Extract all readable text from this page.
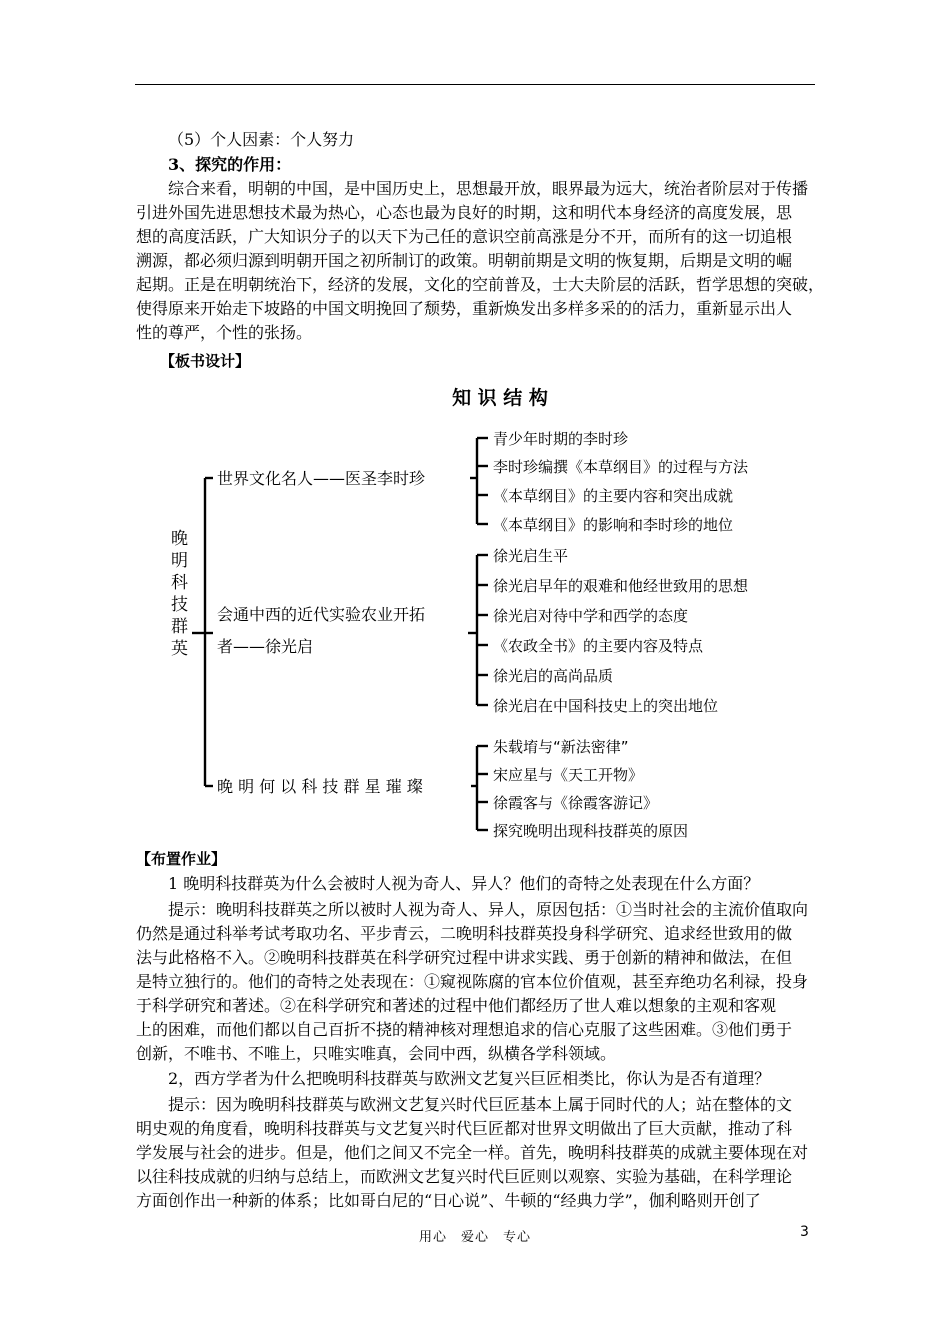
（5）个人因素：个人努力
3、探究的作用：
综合来看，明朝的中国，是中国历史上，思想最开放，眼界最为远大，统治者阶层对于传播
引进外国先进思想技术最为热心，心态也最为良好的时期，这和明代本身经济的高度发展，思
想的高度活跃，广大知识分子的以天下为己任的意识空前高涨是分不开，而所有的这一切追根
溯源，都必须归源到明朝开国之初所制订的政策。明朝前期是文明的恢复期，后期是文明的崛
起期。正是在明朝统治下，经济的发展，文化的空前普及，士大夫阶层的活跃，哲学思想的突破，
使得原来开始走下坡路的中国文明挽回了颓势，重新焕发出多样多采的的活力，重新显示出人
性的尊严，个性的张扬。
【板书设计】
知 识 结 构
晚明科技群英
世界文化名人——医圣李时珍
会通中西的近代实验农业开拓
者——徐光启
晚 明 何 以 科 技 群 星 璀 璨
青少年时期的李时珍
李时珍编撰《本草纲目》的过程与方法
《本草纲目》的主要内容和突出成就
《本草纲目》的影响和李时珍的地位
徐光启生平
徐光启早年的艰难和他经世致用的思想
徐光启对待中学和西学的态度
《农政全书》的主要内容及特点
徐光启的高尚品质
徐光启在中国科技史上的突出地位
朱载堉与“新法密律”
宋应星与《天工开物》
徐霞客与《徐霞客游记》
探究晚明出现科技群英的原因
【布置作业】
1 晚明科技群英为什么会被时人视为奇人、异人？他们的奇特之处表现在什么方面？
提示：晚明科技群英之所以被时人视为奇人、异人，原因包括：①当时社会的主流价值取向
仍然是通过科举考试考取功名、平步青云，二晚明科技群英投身科学研究、追求经世致用的做
法与此格格不入。②晚明科技群英在科学研究过程中讲求实践、勇于创新的精神和做法，在但
是特立独行的。他们的奇特之处表现在：①窥视陈腐的官本位价值观，甚至弃绝功名利禄，投身
于科学研究和著述。②在科学研究和著述的过程中他们都经历了世人难以想象的主观和客观
上的困难，而他们都以自己百折不挠的精神核对理想追求的信心克服了这些困难。③他们勇于
创新，不唯书、不唯上，只唯实唯真，会同中西，纵横各学科领域。
2，西方学者为什么把晚明科技群英与欧洲文艺复兴巨匠相类比，你认为是否有道理？
提示：因为晚明科技群英与欧洲文艺复兴时代巨匠基本上属于同时代的人；站在整体的文
明史观的角度看，晚明科技群英与文艺复兴时代巨匠都对世界文明做出了巨大贡献，推动了科
学发展与社会的进步。但是，他们之间又不完全一样。首先，晚明科技群英的成就主要体现在对
以往科技成就的归纳与总结上，而欧洲文艺复兴时代巨匠则以观察、实验为基础，在科学理论
方面创作出一种新的体系；比如哥白尼的“日心说”、牛顿的“经典力学”，伽利略则开创了
用心　爱心　专心	3
